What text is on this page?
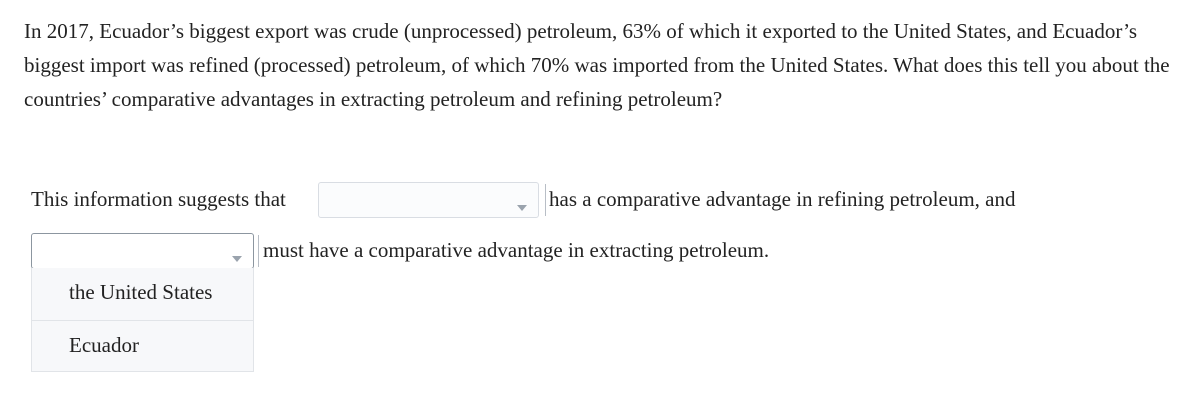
In 2017, Ecuador’s biggest export was crude (unprocessed) petroleum, 63% of which it exported to the United States, and Ecuador’s biggest import was refined (processed) petroleum, of which 70% was imported from the United States. What does this tell you about the countries’ comparative advantages in extracting petroleum and refining petroleum?

This information suggests that	has a comparative advantage in refining petroleum, and
must have a comparative advantage in extracting petroleum.
the United States
Ecuador
